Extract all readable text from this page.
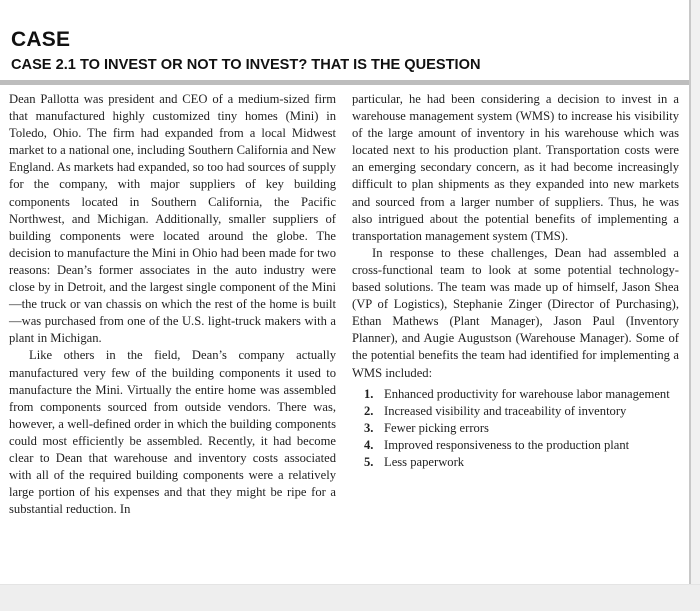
CASE
CASE 2.1 TO INVEST OR NOT TO INVEST? THAT IS THE QUESTION

Dean Pallotta was president and CEO of a medium-sized firm that manufactured highly customized tiny homes (Mini) in Toledo, Ohio. The firm had expanded from a local Midwest market to a national one, including Southern California and New England. As markets had expanded, so too had sources of supply for the company, with major suppliers of key building components located in Southern California, the Pacific Northwest, and Michigan. Additionally, smaller suppliers of building components were located around the globe. The decision to manufacture the Mini in Ohio had been made for two reasons: Dean’s former associates in the auto industry were close by in Detroit, and the largest single component of the Mini—the truck or van chassis on which the rest of the home is built—was purchased from one of the U.S. light-truck makers with a plant in Michigan.

Like others in the field, Dean’s company actually manufactured very few of the building components it used to manufacture the Mini. Virtually the entire home was assembled from components sourced from outside vendors. There was, however, a well-defined order in which the building components could most efficiently be assembled. Recently, it had become clear to Dean that warehouse and inventory costs associated with all of the required building components were a relatively large portion of his expenses and that they might be ripe for a substantial reduction. In

particular, he had been considering a decision to invest in a warehouse management system (WMS) to increase his visibility of the large amount of inventory in his warehouse which was located next to his production plant. Transportation costs were an emerging secondary concern, as it had become increasingly difficult to plan shipments as they expanded into new markets and sourced from a larger number of suppliers. Thus, he was also intrigued about the potential benefits of implementing a transportation management system (TMS).

In response to these challenges, Dean had assembled a cross-functional team to look at some potential technology-based solutions. The team was made up of himself, Jason Shea (VP of Logistics), Stephanie Zinger (Director of Purchasing), Ethan Mathews (Plant Manager), Jason Paul (Inventory Planner), and Augie Augustson (Warehouse Manager). Some of the potential benefits the team had identified for implementing a WMS included:

1. Enhanced productivity for warehouse labor management
2. Increased visibility and traceability of inventory
3. Fewer picking errors
4. Improved responsiveness to the production plant
5. Less paperwork
